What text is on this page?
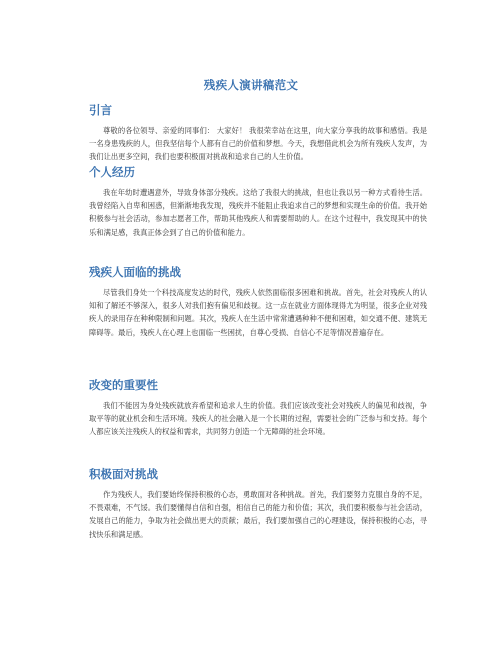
残疾人演讲稿范文
引言

尊敬的各位领导、亲爱的同事们： 大家好！ 我很荣幸站在这里，向大家分享我的故事和感悟。我是一名身患残疾的人，但我坚信每个人都有自己的价值和梦想。今天，我想借此机会为所有残疾人发声，为我们让出更多空间，我们也要积极面对挑战和追求自己的人生价值。

个人经历

我在年幼时遭遇意外，导致身体部分残疾。这给了我很大的挑战，但也让我以另一种方式看待生活。我曾经陷入自卑和困惑，但渐渐地我发现，残疾并不能阻止我追求自己的梦想和实现生命的价值。我开始积极参与社会活动，参加志愿者工作，帮助其他残疾人和需要帮助的人。在这个过程中，我发现其中的快乐和满足感，我真正体会到了自己的价值和能力。

残疾人面临的挑战

尽管我们身处一个科技高度发达的时代，残疾人依然面临很多困难和挑战。首先，社会对残疾人的认知和了解还不够深入，很多人对我们抱有偏见和歧视。这一点在就业方面体现得尤为明显，很多企业对残疾人的录用存在种种限制和问题。其次，残疾人在生活中常常遭遇种种不便和困难，如交通不便、建筑无障碍等。最后，残疾人在心理上也面临一些困扰，自尊心受损、自信心不足等情况普遍存在。

改变的重要性

我们不能因为身处残疾就放弃希望和追求人生的价值。我们应该改变社会对残疾人的偏见和歧视，争取平等的就业机会和生活环境。残疾人的社会融入是一个长期的过程，需要社会的广泛参与和支持。每个人都应该关注残疾人的权益和需求，共同努力创造一个无障碍的社会环境。

积极面对挑战

作为残疾人，我们要始终保持积极的心态，勇敢面对各种挑战。首先，我们要努力克服自身的不足，不畏艰难，不气馁。我们要懂得自信和自强，相信自己的能力和价值；其次，我们要积极参与社会活动，发展自己的能力，争取为社会做出更大的贡献；最后，我们要加强自己的心理建设，保持积极的心态，寻找快乐和满足感。
